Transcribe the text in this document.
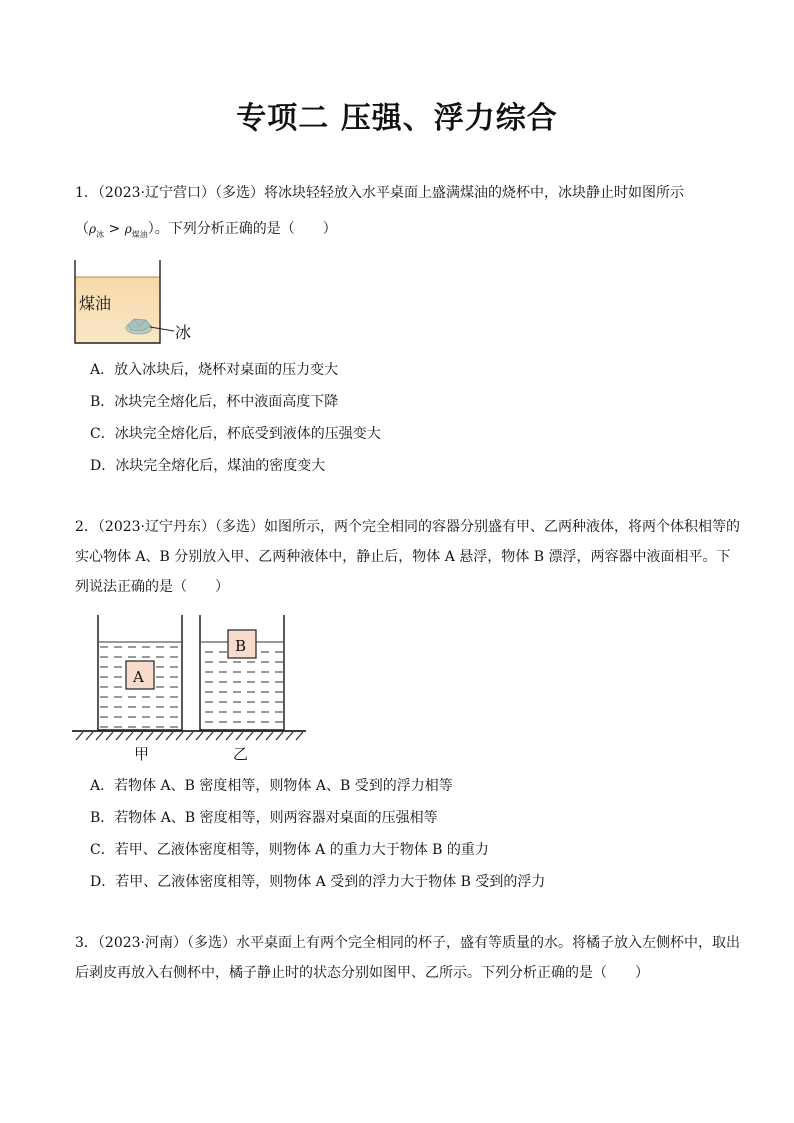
专项二 压强、浮力综合
1．（2023·辽宁营口）（多选）将冰块轻轻放入水平桌面上盛满煤油的烧杯中，冰块静止时如图所示
$(\rho_冰 > \rho_{煤油})$。下列分析正确的是（　　）
煤油
冰
A．放入冰块后，烧杯对桌面的压力变大
B．冰块完全熔化后，杯中液面高度下降
C．冰块完全熔化后，杯底受到液体的压强变大
D．冰块完全熔化后，煤油的密度变大
2．（2023·辽宁丹东）（多选）如图所示，两个完全相同的容器分别盛有甲、乙两种液体，将两个体积相等的
实心物体 A、B 分别放入甲、乙两种液体中，静止后，物体 A 悬浮，物体 B 漂浮，两容器中液面相平。下
列说法正确的是（　　）
A
B
甲	乙
A．若物体 A、B 密度相等，则物体 A、B 受到的浮力相等
B．若物体 A、B 密度相等，则两容器对桌面的压强相等
C．若甲、乙液体密度相等，则物体 A 的重力大于物体 B 的重力
D．若甲、乙液体密度相等，则物体 A 受到的浮力大于物体 B 受到的浮力
3．（2023·河南）（多选）水平桌面上有两个完全相同的杯子，盛有等质量的水。将橘子放入左侧杯中，取出
后剥皮再放入右侧杯中，橘子静止时的状态分别如图甲、乙所示。下列分析正确的是（　　）
